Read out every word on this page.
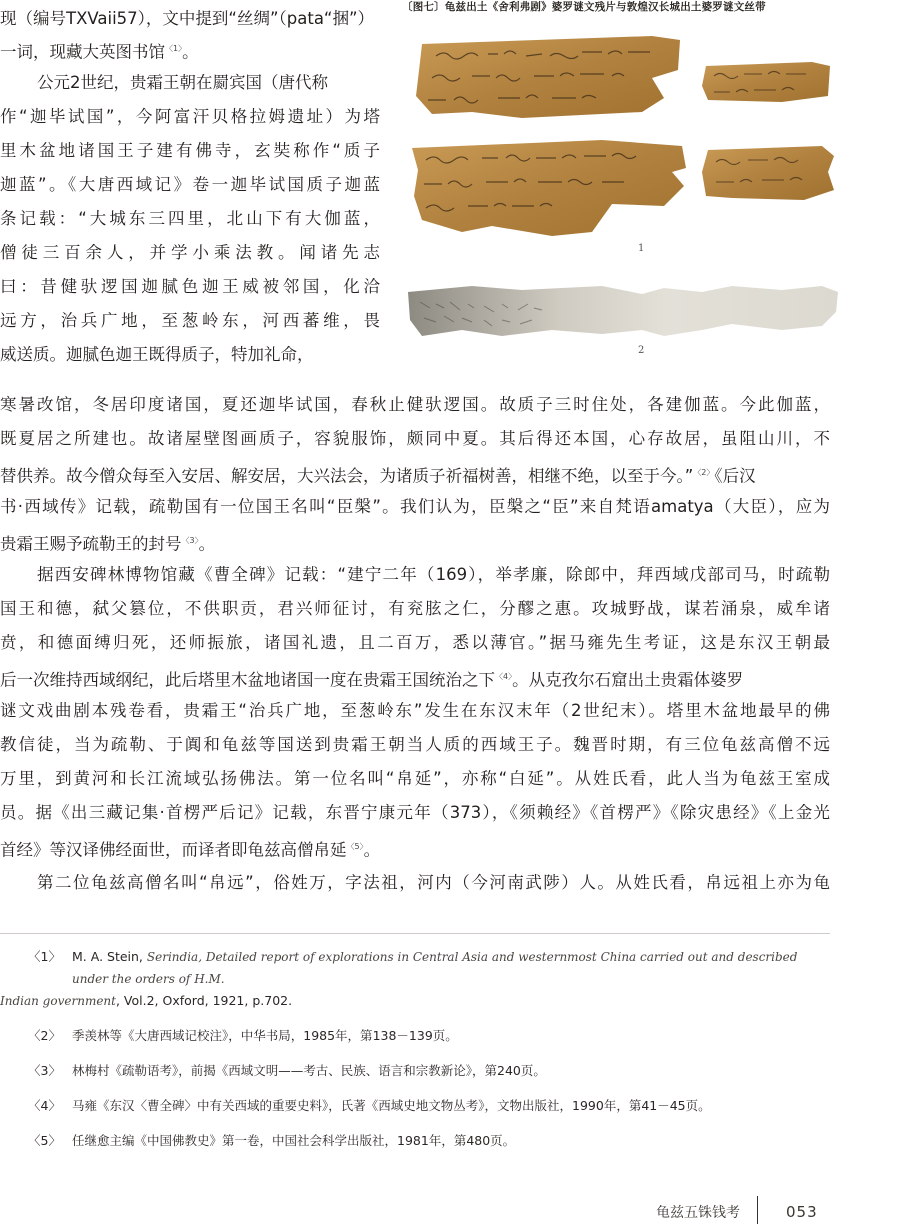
现（编号TXVaii57），文中提到“丝绸”（pata“捆”）
一词，现藏大英图书馆$^{〈1〉}$。
公元2世纪，贵霜王朝在罽宾国（唐代称
作“迦毕试国”，今阿富汗贝格拉姆遗址）为塔
里木盆地诸国王子建有佛寺，玄奘称作“质子
迦蓝”。《大唐西域记》卷一迦毕试国质子迦蓝
条记载：“大城东三四里，北山下有大伽蓝，
僧徒三百余人，并学小乘法教。闻诸先志
曰：昔健驮逻国迦腻色迦王威被邻国，化洽
远方，治兵广地，至葱岭东，河西蕃维，畏
威送质。迦腻色迦王既得质子，特加礼命，
〔图七〕龟兹出土《舍利弗剧》婆罗谜文残片与敦煌汉长城出土婆罗谜文丝带
1
2
寒暑改馆，冬居印度诸国，夏还迦毕试国，春秋止健驮逻国。故质子三时住处，各建伽蓝。今此伽蓝，
既夏居之所建也。故诸屋壁图画质子，容貌服饰，颇同中夏。其后得还本国，心存故居，虽阻山川，不
替供养。故今僧众每至入安居、解安居，大兴法会，为诸质子祈福树善，相继不绝，以至于今。”$^{〈2〉}$《后汉
书·西域传》记载，疏勒国有一位国王名叫“臣槃”。我们认为，臣槃之“臣”来自梵语amatya（大臣），应为
贵霜王赐予疏勒王的封号$^{〈3〉}$。
据西安碑林博物馆藏《曹全碑》记载：“建宁二年（169），举孝廉，除郎中，拜西域戊部司马，时疏勒
国王和德，弑父篡位，不供职贡，君兴师征讨，有兖胘之仁，分醪之惠。攻城野战，谋若涌泉，威牟诸
贲，和德面缚归死，还师振旅，诸国礼遗，且二百万，悉以薄官。”据马雍先生考证，这是东汉王朝最
后一次维持西域纲纪，此后塔里木盆地诸国一度在贵霜王国统治之下$^{〈4〉}$。从克孜尔石窟出土贵霜体婆罗
谜文戏曲剧本残卷看，贵霜王“治兵广地，至葱岭东”发生在东汉末年（2世纪末）。塔里木盆地最早的佛
教信徒，当为疏勒、于阗和龟兹等国送到贵霜王朝当人质的西域王子。魏晋时期，有三位龟兹高僧不远
万里，到黄河和长江流域弘扬佛法。第一位名叫“帛延”，亦称“白延”。从姓氏看，此人当为龟兹王室成
员。据《出三藏记集·首楞严后记》记载，东晋宁康元年（373），《须赖经》《首楞严》《除灾患经》《上金光
首经》等汉译佛经面世，而译者即龟兹高僧帛延$^{〈5〉}$。
第二位龟兹高僧名叫“帛远”，俗姓万，字法祖，河内（今河南武陟）人。从姓氏看，帛远祖上亦为龟
〈1〉 M. A. Stein, Serindia, Detailed report of explorations in Central Asia and westernmost China carried out and described under the orders of H.M.
Indian government, Vol.2, Oxford, 1921, p.702.
〈2〉 季羡林等《大唐西域记校注》，中华书局，1985年，第138－139页。
〈3〉 林梅村《疏勒语考》，前揭《西域文明——考古、民族、语言和宗教新论》，第240页。
〈4〉 马雍《东汉〈曹全碑〉中有关西域的重要史料》，氏著《西域史地文物丛考》，文物出版社，1990年，第41－45页。
〈5〉 任继愈主编《中国佛教史》第一卷，中国社会科学出版社，1981年，第480页。
龟兹五铢钱考	053
